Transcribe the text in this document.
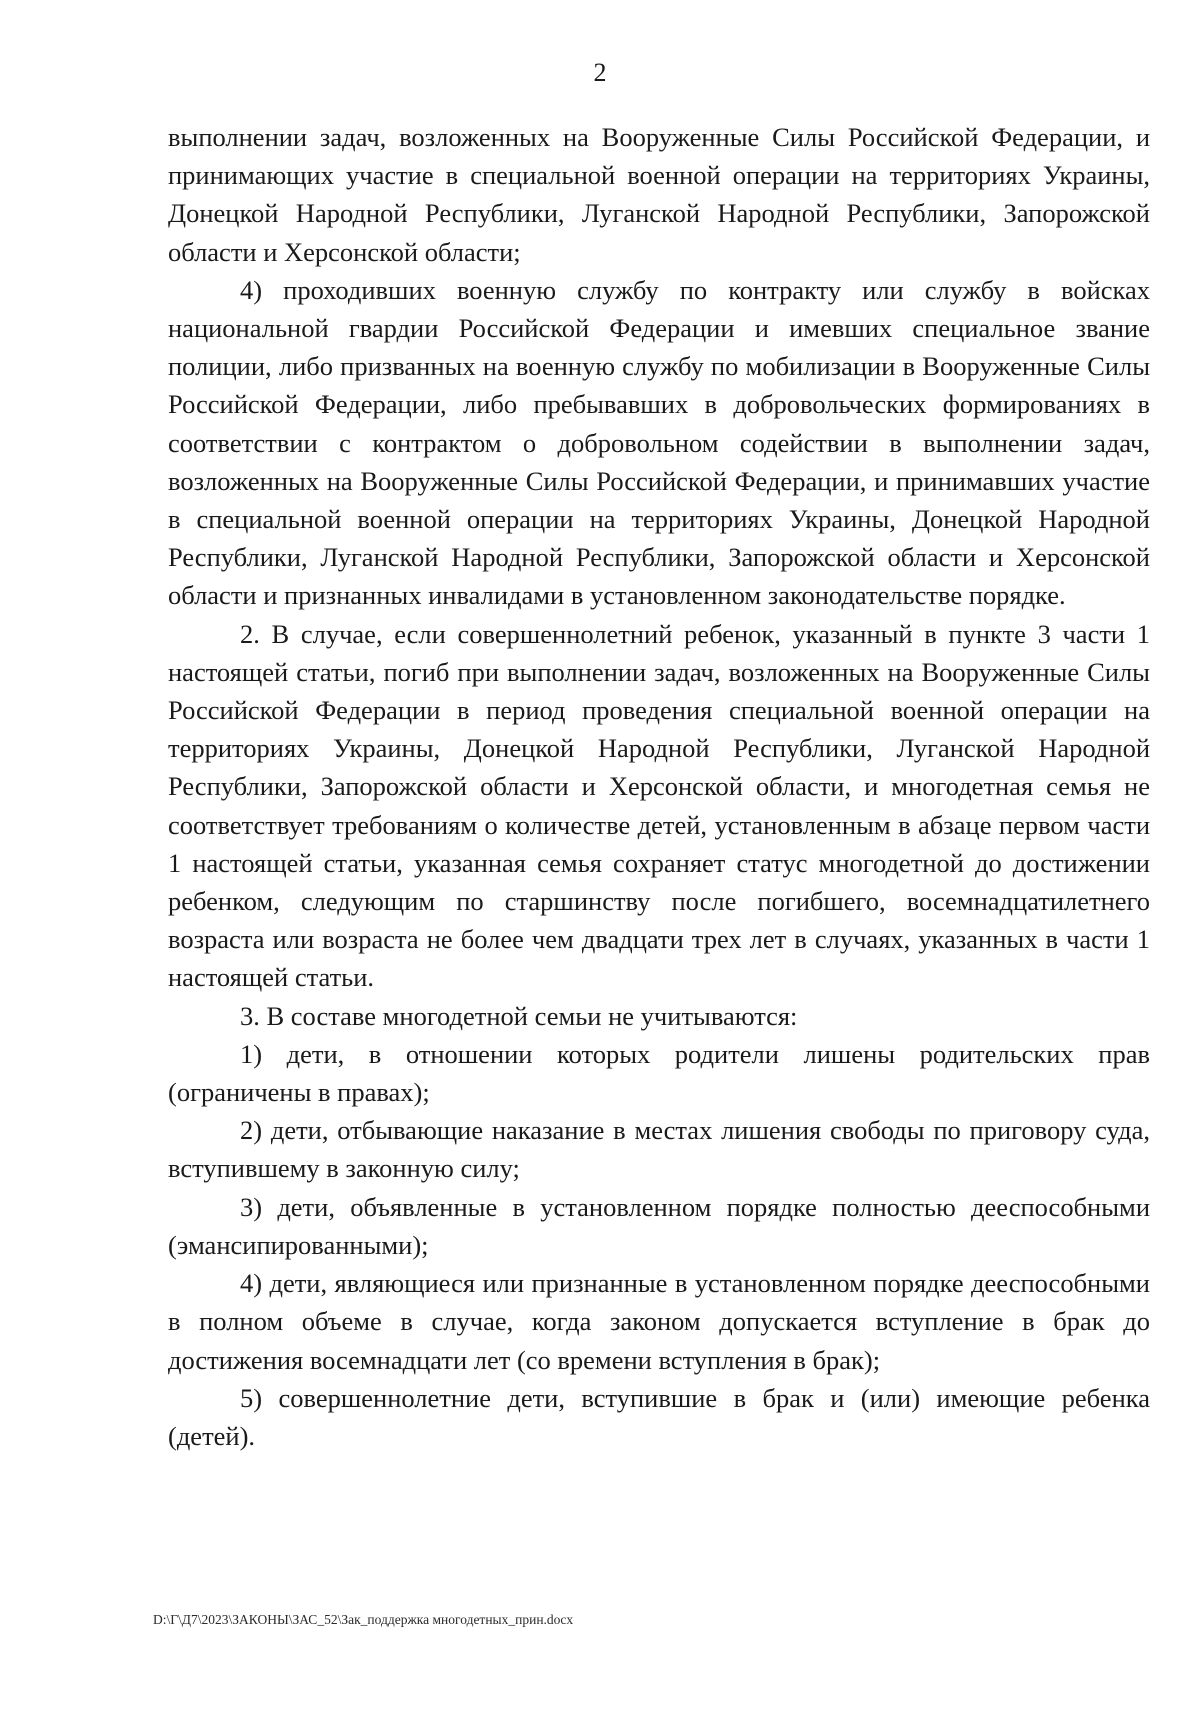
2

выполнении задач, возложенных на Вооруженные Силы Российской Федерации, и принимающих участие в специальной военной операции на территориях Украины, Донецкой Народной Республики, Луганской Народной Республики, Запорожской области и Херсонской области;

4) проходивших военную службу по контракту или службу в войсках национальной гвардии Российской Федерации и имевших специальное звание полиции, либо призванных на военную службу по мобилизации в Вооруженные Силы Российской Федерации, либо пребывавших в добровольческих формированиях в соответствии с контрактом о добровольном содействии в выполнении задач, возложенных на Вооруженные Силы Российской Федерации, и принимавших участие в специальной военной операции на территориях Украины, Донецкой Народной Республики, Луганской Народной Республики, Запорожской области и Херсонской области и признанных инвалидами в установленном законодательстве порядке.

2. В случае, если совершеннолетний ребенок, указанный в пункте 3 части 1 настоящей статьи, погиб при выполнении задач, возложенных на Вооруженные Силы Российской Федерации в период проведения специальной военной операции на территориях Украины, Донецкой Народной Республики, Луганской Народной Республики, Запорожской области и Херсонской области, и многодетная семья не соответствует требованиям о количестве детей, установленным в абзаце первом части 1 настоящей статьи, указанная семья сохраняет статус многодетной до достижении ребенком, следующим по старшинству после погибшего, восемнадцатилетнего возраста или возраста не более чем двадцати трех лет в случаях, указанных в части 1 настоящей статьи.

3. В составе многодетной семьи не учитываются:

1) дети, в отношении которых родители лишены родительских прав (ограничены в правах);

2) дети, отбывающие наказание в местах лишения свободы по приговору суда, вступившему в законную силу;

3) дети, объявленные в установленном порядке полностью дееспособными (эмансипированными);

4) дети, являющиеся или признанные в установленном порядке дееспособными в полном объеме в случае, когда законом допускается вступление в брак до достижения восемнадцати лет (со времени вступления в брак);

5) совершеннолетние дети, вступившие в брак и (или) имеющие ребенка (детей).

D:\Г\Д7\2023\ЗАКОНЫ\ЗАС_52\Зак_поддержка многодетных_прин.docx
